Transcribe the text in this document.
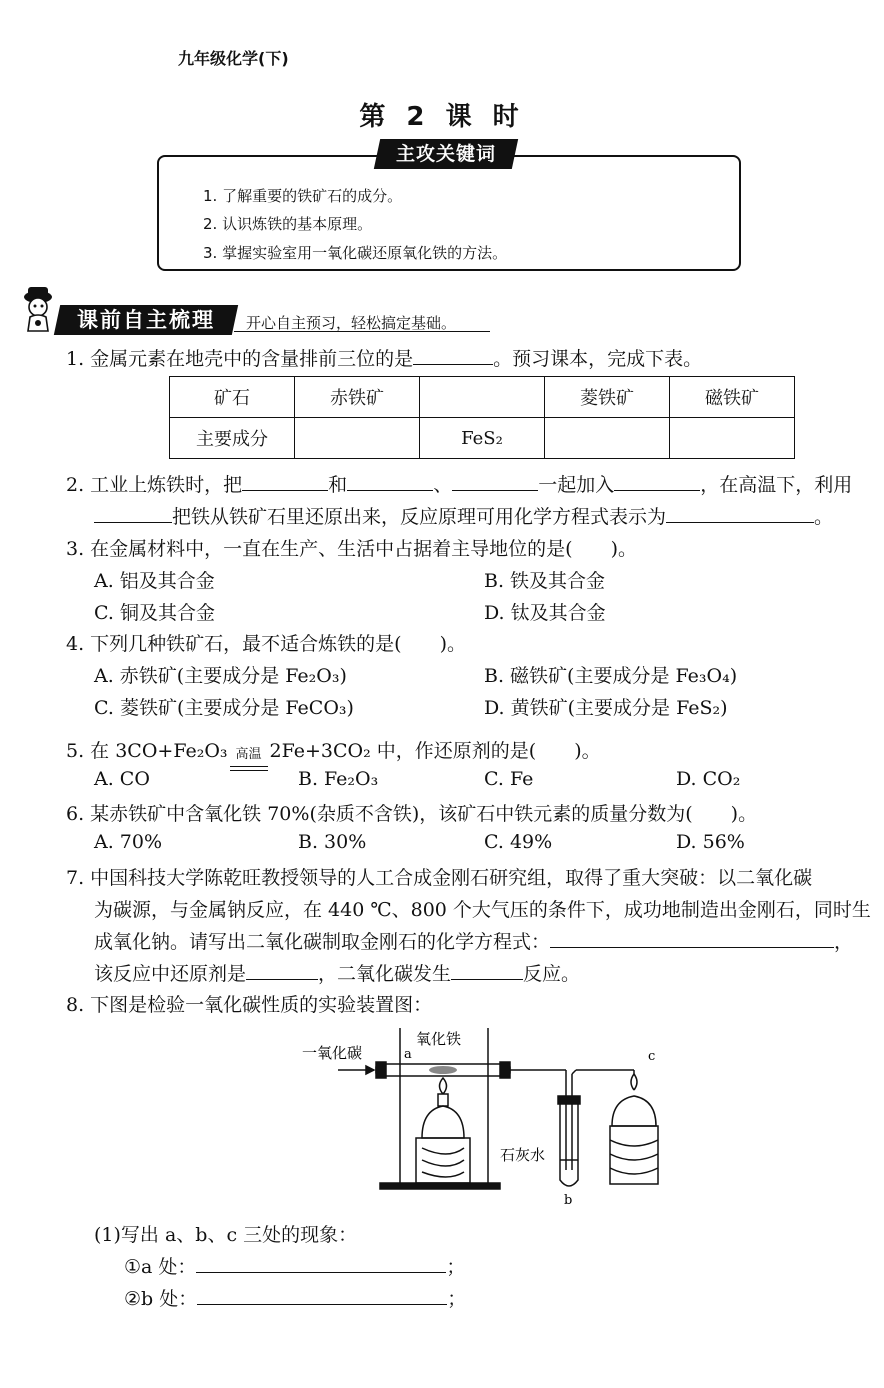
九年级化学(下)
第 2 课 时
主攻关键词
1. 了解重要的铁矿石的成分。
2. 认识炼铁的基本原理。
3. 掌握实验室用一氧化碳还原氧化铁的方法。
课前自主梳理	开心自主预习，轻松搞定基础。
1. 金属元素在地壳中的含量排前三位的是	。预习课本，完成下表。
矿石	赤铁矿		菱铁矿	磁铁矿
主要成分		FeS₂		
2. 工业上炼铁时，把	和	、	一起加入	，在高温下，利用
把铁从铁矿石里还原出来，反应原理可用化学方程式表示为	。
3. 在金属材料中，一直在生产、生活中占据着主导地位的是(　　)。
A. 铝及其合金	B. 铁及其合金
C. 铜及其合金	D. 钛及其合金
4. 下列几种铁矿石，最不适合炼铁的是(　　)。
A. 赤铁矿(主要成分是 Fe₂O₃)	B. 磁铁矿(主要成分是 Fe₃O₄)
C. 菱铁矿(主要成分是 FeCO₃)	D. 黄铁矿(主要成分是 FeS₂)
5. 在 3CO+Fe₂O₃ 高温 2Fe+3CO₂ 中，作还原剂的是(　　)。
A. CO	B. Fe₂O₃	C. Fe	D. CO₂
6. 某赤铁矿中含氧化铁 70%(杂质不含铁)，该矿石中铁元素的质量分数为(　　)。
A. 70%	B. 30%	C. 49%	D. 56%
7. 中国科技大学陈乾旺教授领导的人工合成金刚石研究组，取得了重大突破：以二氧化碳
为碳源，与金属钠反应，在 440 ℃、800 个大气压的条件下，成功地制造出金刚石，同时生
成氧化钠。请写出二氧化碳制取金刚石的化学方程式：	，
该反应中还原剂是	，二氧化碳发生	反应。
8. 下图是检验一氧化碳性质的实验装置图：
一氧化碳
氧化铁
a
石灰水
b
c
(1)写出 a、b、c 三处的现象：
①a 处：	；
②b 处：	；
